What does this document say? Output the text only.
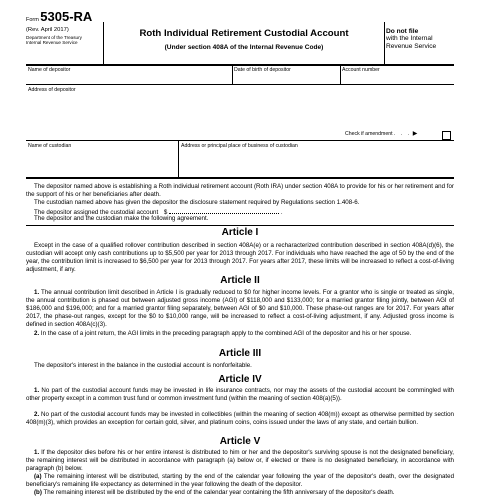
Form 5305-RA
(Rev. April 2017)
Department of the Treasury
Internal Revenue Service
Roth Individual Retirement Custodial Account
(Under section 408A of the Internal Revenue Code)
Do not file
with the Internal
Revenue Service
Name of depositor	Date of birth of depositor	Account number
Address of depositor
Check if amendment . . . ▶
Name of custodian	Address or principal place of business of custodian
The depositor named above is establishing a Roth individual retirement account (Roth IRA) under section 408A to provide for his or her retirement and for the support of his or her beneficiaries after death.
The custodian named above has given the depositor the disclosure statement required by Regulations section 1.408-6.
The depositor assigned the custodial account $	.
The depositor and the custodian make the following agreement.
Article I
Except in the case of a qualified rollover contribution described in section 408A(e) or a recharacterized contribution described in section 408A(d)(6), the custodian will accept only cash contributions up to $5,500 per year for 2013 through 2017. For individuals who have reached the age of 50 by the end of the year, the contribution limit is increased to $6,500 per year for 2013 through 2017. For years after 2017, these limits will be increased to reflect a cost-of-living adjustment, if any.
Article II
1. The annual contribution limit described in Article I is gradually reduced to $0 for higher income levels. For a grantor who is single or treated as single, the annual contribution is phased out between adjusted gross income (AGI) of $118,000 and $133,000; for a married grantor filing jointly, between AGI of $186,000 and $196,000; and for a married grantor filing separately, between AGI of $0 and $10,000. These phase-out ranges are for 2017. For years after 2017, the phase-out ranges, except for the $0 to $10,000 range, will be increased to reflect a cost-of-living adjustment, if any. Adjusted gross income is defined in section 408A(c)(3).
2. In the case of a joint return, the AGI limits in the preceding paragraph apply to the combined AGI of the depositor and his or her spouse.
Article III
The depositor's interest in the balance in the custodial account is nonforfeitable.
Article IV
1. No part of the custodial account funds may be invested in life insurance contracts, nor may the assets of the custodial account be commingled with other property except in a common trust fund or common investment fund (within the meaning of section 408(a)(5)).
2. No part of the custodial account funds may be invested in collectibles (within the meaning of section 408(m)) except as otherwise permitted by section 408(m)(3), which provides an exception for certain gold, silver, and platinum coins, coins issued under the laws of any state, and certain bullion.
Article V
1. If the depositor dies before his or her entire interest is distributed to him or her and the depositor's surviving spouse is not the designated beneficiary, the remaining interest will be distributed in accordance with paragraph (a) below or, if elected or there is no designated beneficiary, in accordance with paragraph (b) below.
(a) The remaining interest will be distributed, starting by the end of the calendar year following the year of the depositor's death, over the designated beneficiary's remaining life expectancy as determined in the year following the death of the depositor.
(b) The remaining interest will be distributed by the end of the calendar year containing the fifth anniversary of the depositor's death.
